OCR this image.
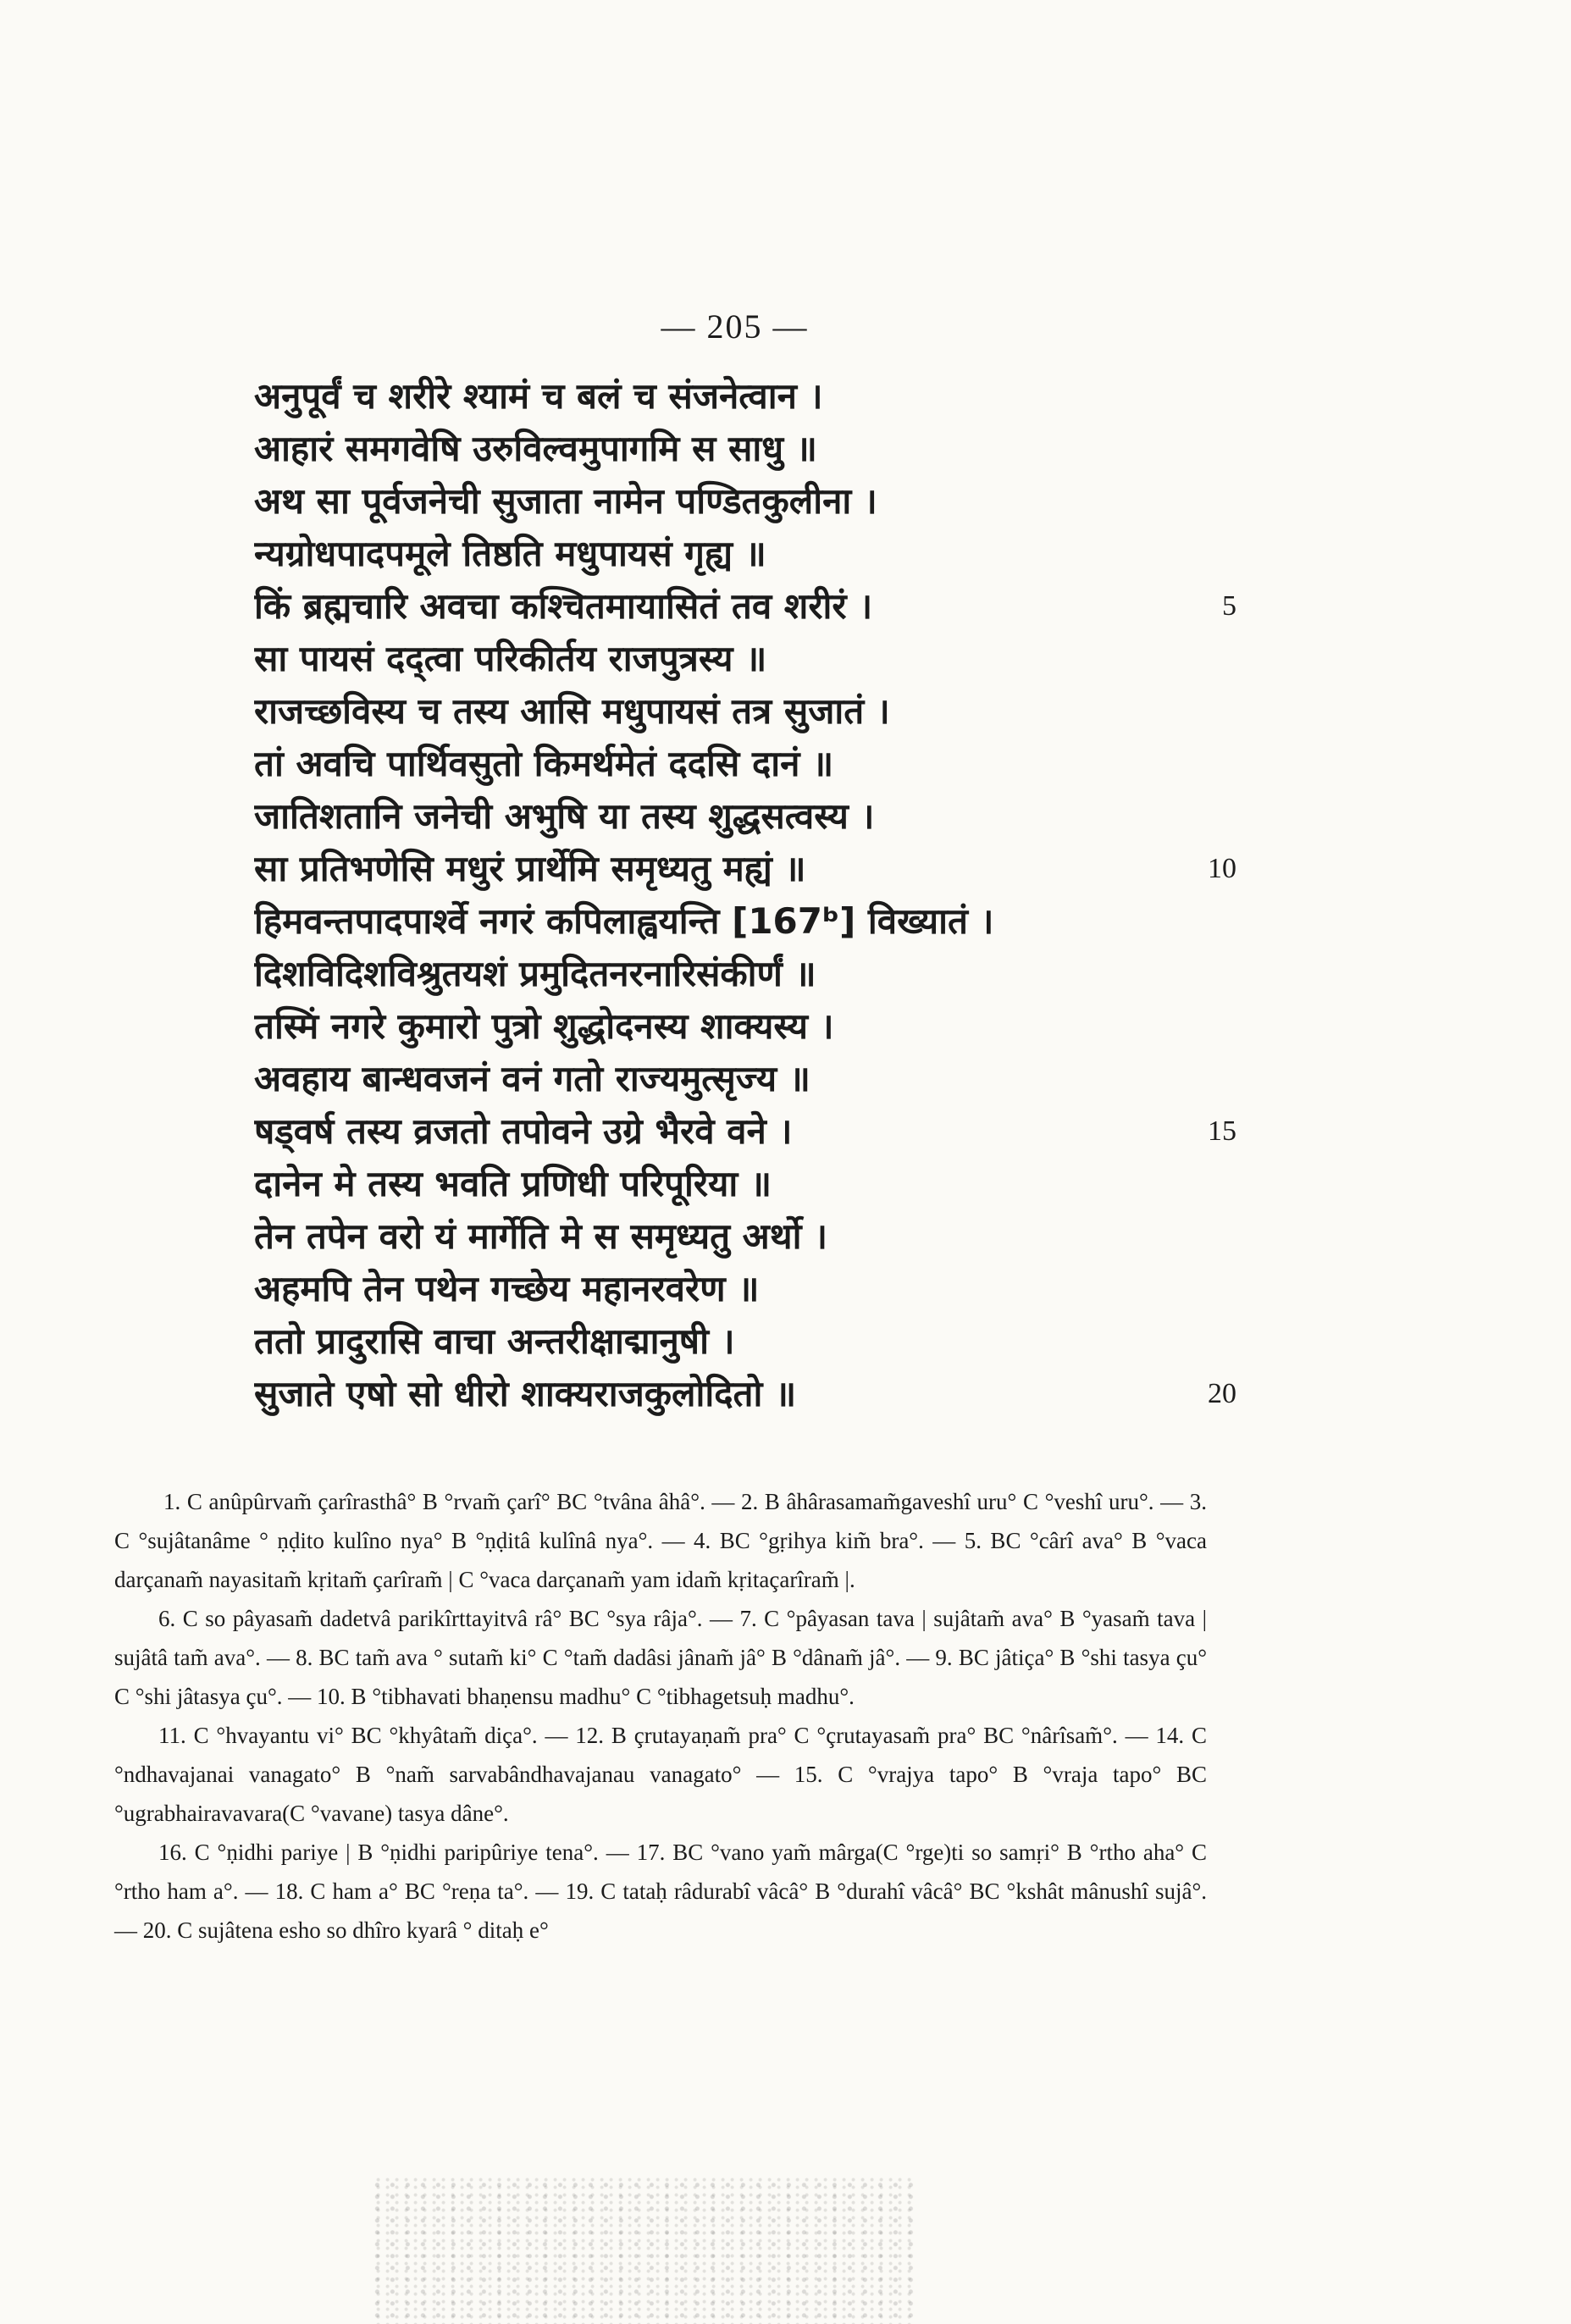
— 205 —
अनुपूर्वं च शरीरे श्यामं च बलं च संजनेत्वान ।
आहारं समगवेषि उरुविल्वमुपागमि स साधु ॥
अथ सा पूर्वजनेची सुजाता नामेन पण्डितकुलीना ।
न्यग्रोधपादपमूले तिष्ठति मधुपायसं गृह्य ॥
किं ब्रह्मचारि अवचा कश्चितमायासितं तव शरीरं ।
सा पायसं दद्त्वा परिकीर्तय राजपुत्रस्य ॥
राजच्छविस्य च तस्य आसि मधुपायसं तत्र सुजातं ।
तां अवचि पार्थिवसुतो किमर्थमेतं ददसि दानं ॥
जातिशतानि जनेची अभुषि या तस्य शुद्धसत्वस्य ।
सा प्रतिभणेसि मधुरं प्रार्थेमि समृध्यतु मह्यं ॥
हिमवन्तपादपार्श्वे नगरं कपिलाह्वयन्ति [167ᵇ] विख्यातं ।
दिशविदिशविश्रुतयशं प्रमुदितनरनारिसंकीर्णं ॥
तस्मिं नगरे कुमारो पुत्रो शुद्धोदनस्य शाक्यस्य ।
अवहाय बान्धवजनं वनं गतो राज्यमुत्सृज्य ॥
षड्वर्ष तस्य व्रजतो तपोवने उग्रे भैरवे वने ।
दानेन मे तस्य भवति प्रणिधी परिपूरिया ॥
तेन तपेन वरो यं मार्गेति मे स समृध्यतु अर्थो ।
अहमपि तेन पथेन गच्छेय महानरवरेण ॥
ततो प्रादुरासि वाचा अन्तरीक्षाद्मानुषी ।
सुजाते एषो सो धीरो शाक्यराजकुलोदितो ॥
5
10
15
20

1. C anûpûrvam̃ çarîrasthâ° B °rvam̃ çarî° BC °tvâna âhâ°. — 2. B âhârasamam̃gaveshî uru° C °veshî uru°. — 3. C °sujâtanâme ° ṇḍito kulîno nya° B °ṇḍitâ kulînâ nya°. — 4. BC °gṛihya kim̃ bra°. — 5. BC °cârî ava° B °vaca darçanam̃ nayasitam̃ kṛitam̃ çarîram̃ | C °vaca darçanam̃ yam idam̃ kṛitaçarîram̃ |.

6. C so pâyasam̃ dadetvâ parikîrttayitvâ râ° BC °sya râja°. — 7. C °pâyasan tava | sujâtam̃ ava° B °yasam̃ tava | sujâtâ tam̃ ava°. — 8. BC tam̃ ava ° sutam̃ ki° C °tam̃ dadâsi jânam̃ jâ° B °dânam̃ jâ°. — 9. BC jâtiça° B °shi tasya çu° C °shi jâtasya çu°. — 10. B °tibhavati bhaṇensu madhu° C °tibhagetsuḥ madhu°.

11. C °hvayantu vi° BC °khyâtam̃ diça°. — 12. B çrutayaṇam̃ pra° C °çrutayasam̃ pra° BC °nârîsam̃°. — 14. C °ndhavajanai vanagato° B °nam̃ sarvabândhavajanau vanagato° — 15. C °vrajya tapo° B °vraja tapo° BC °ugrabhairavavara(C °vavane) tasya dâne°.

16. C °ṇidhi pariye | B °ṇidhi paripûriye tena°. — 17. BC °vano yam̃ mârga(C °rge)ti so samṛi° B °rtho aha° C °rtho ham a°. — 18. C ham a° BC °reṇa ta°. — 19. C tataḥ râdurabî vâcâ° B °durahî vâcâ° BC °kshât mânushî sujâ°. — 20. C sujâtena esho so dhîro kyarâ ° ditaḥ e°
